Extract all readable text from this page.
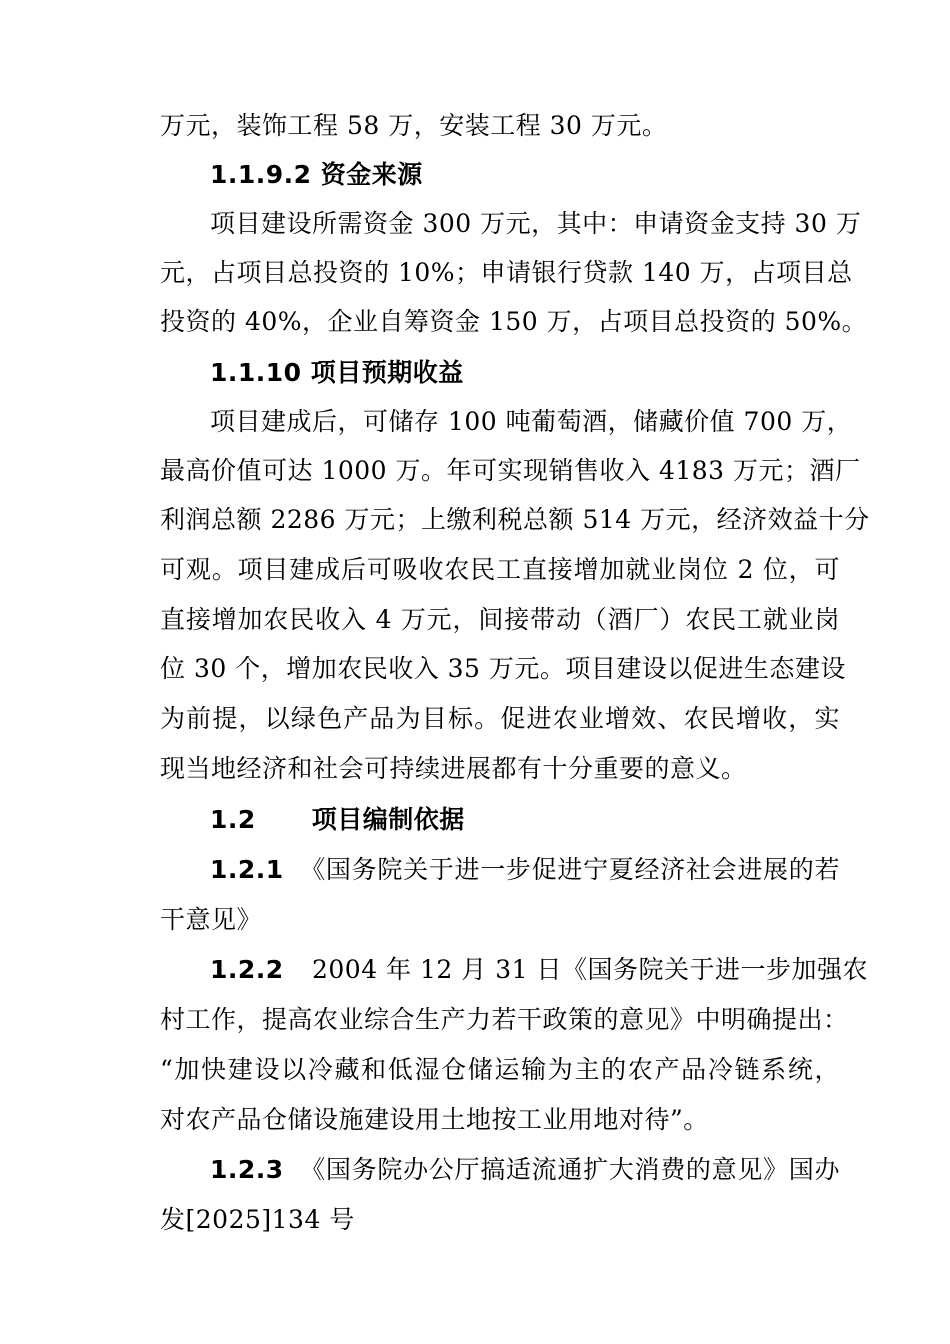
万元，装饰工程 58 万，安装工程 30 万元。
1.1.9.2 资金来源
项目建设所需资金 300 万元，其中：申请资金支持 30 万
元，占项目总投资的 10%；申请银行贷款 140 万，占项目总
投资的 40%，企业自筹资金 150 万，占项目总投资的 50%。
1.1.10 项目预期收益
项目建成后，可储存 100 吨葡萄酒，储藏价值 700 万，
最高价值可达 1000 万。年可实现销售收入 4183 万元；酒厂
利润总额 2286 万元；上缴利税总额 514 万元，经济效益十分
可观。项目建成后可吸收农民工直接增加就业岗位 2 位，可
直接增加农民收入 4 万元，间接带动（酒厂）农民工就业岗
位 30 个，增加农民收入 35 万元。项目建设以促进生态建设
为前提，以绿色产品为目标。促进农业增效、农民增收，实
现当地经济和社会可持续进展都有十分重要的意义。
1.2 项目编制依据
1.2.1 《国务院关于进一步促进宁夏经济社会进展的若
干意见》
1.2.2 2004 年 12 月 31 日《国务院关于进一步加强农
村工作，提高农业综合生产力若干政策的意见》中明确提出：
“加快建设以冷藏和低湿仓储运输为主的农产品冷链系统，
对农产品仓储设施建设用土地按工业用地对待”。
1.2.3 《国务院办公厅搞适流通扩大消费的意见》国办
发[2025]134 号
